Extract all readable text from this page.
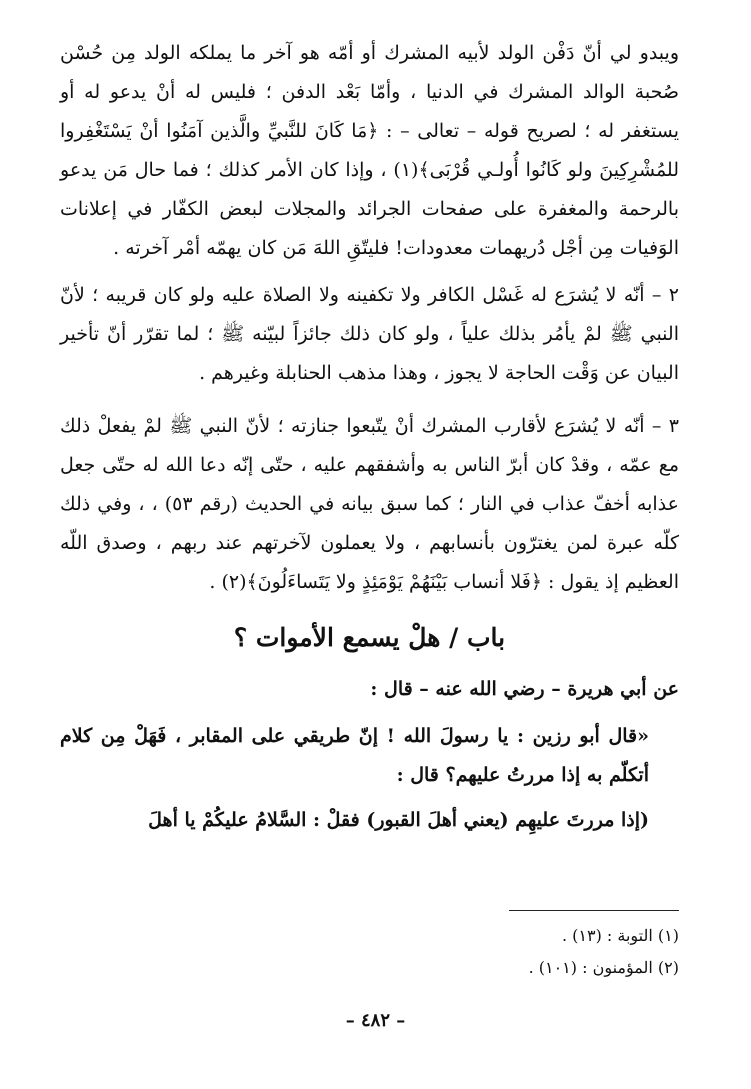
ويبدو لي أنّ دَفْن الولد لأبيه المشرك أو أمّه هو آخر ما يملكه الولد مِن حُسْن صُحبة الوالد المشرك في الدنيا ، وأمّا بَعْد الدفن ؛ فليس له أنْ يدعو له أو يستغفر له ؛ لصريح قوله – تعالى – : ﴿مَا كَانَ للنَّبيِّ والَّذين آمَنُوا أنْ يَسْتَغْفِروا للمُشْرِكِينَ ولو كَانُوا أُولـي قُرْبَى﴾(١) ، وإذا كان الأمر كذلك ؛ فما حال مَن يدعو بالرحمة والمغفرة على صفحات الجرائد والمجلات لبعض الكفّار في إعلانات الوَفيات مِن أجْل دُريهمات معدودات! فليتّقِ اللهَ مَن كان يهمّه أمْر آخرته .

٢ – أنّه لا يُشرَع له غَسْل الكافر ولا تكفينه ولا الصلاة عليه ولو كان قريبه ؛ لأنّ النبي ﷺ لمْ يأمُر بذلك علياً ، ولو كان ذلك جائزاً لبيّنه ﷺ ؛ لما تقرّر أنّ تأخير البيان عن وَقْت الحاجة لا يجوز ، وهذا مذهب الحنابلة وغيرهم .

٣ – أنّه لا يُشرَع لأقارب المشرك أنْ يتّبعوا جنازته ؛ لأنّ النبي ﷺ لمْ يفعلْ ذلك مع عمّه ، وقدْ كان أبرّ الناس به وأشفقهم عليه ، حتّى إنّه دعا الله له حتّى جعل عذابه أخفّ عذاب في النار ؛ كما سبق بيانه في الحديث (رقم ٥٣) ، ، وفي ذلك كلّه عبرة لمن يغترّون بأنسابهم ، ولا يعملون لآخرتهم عند ربهم ، وصدق اللّه العظيم إذ يقول : ﴿فَلا أنساب بَيْنَهُمْ يَوْمَئِذٍ ولا يَتَساءَلُونَ﴾(٢) .

باب / هلْ يسمع الأموات ؟

عن أبي هريرة – رضي الله عنه – قال :

«قال أبو رزين : يا رسولَ الله ! إنّ طريقي على المقابر ، فَهَلْ مِن كلام أتكلّم به إذا مررتُ عليهم؟ قال :

(إذا مررتَ عليهِم (يعني أهلَ القبور) فقلْ : السَّلامُ عليكُمْ يا أهلَ

(١) التوبة : (١٣) .
(٢) المؤمنون : (١٠١) .
– ٤٨٢ –
